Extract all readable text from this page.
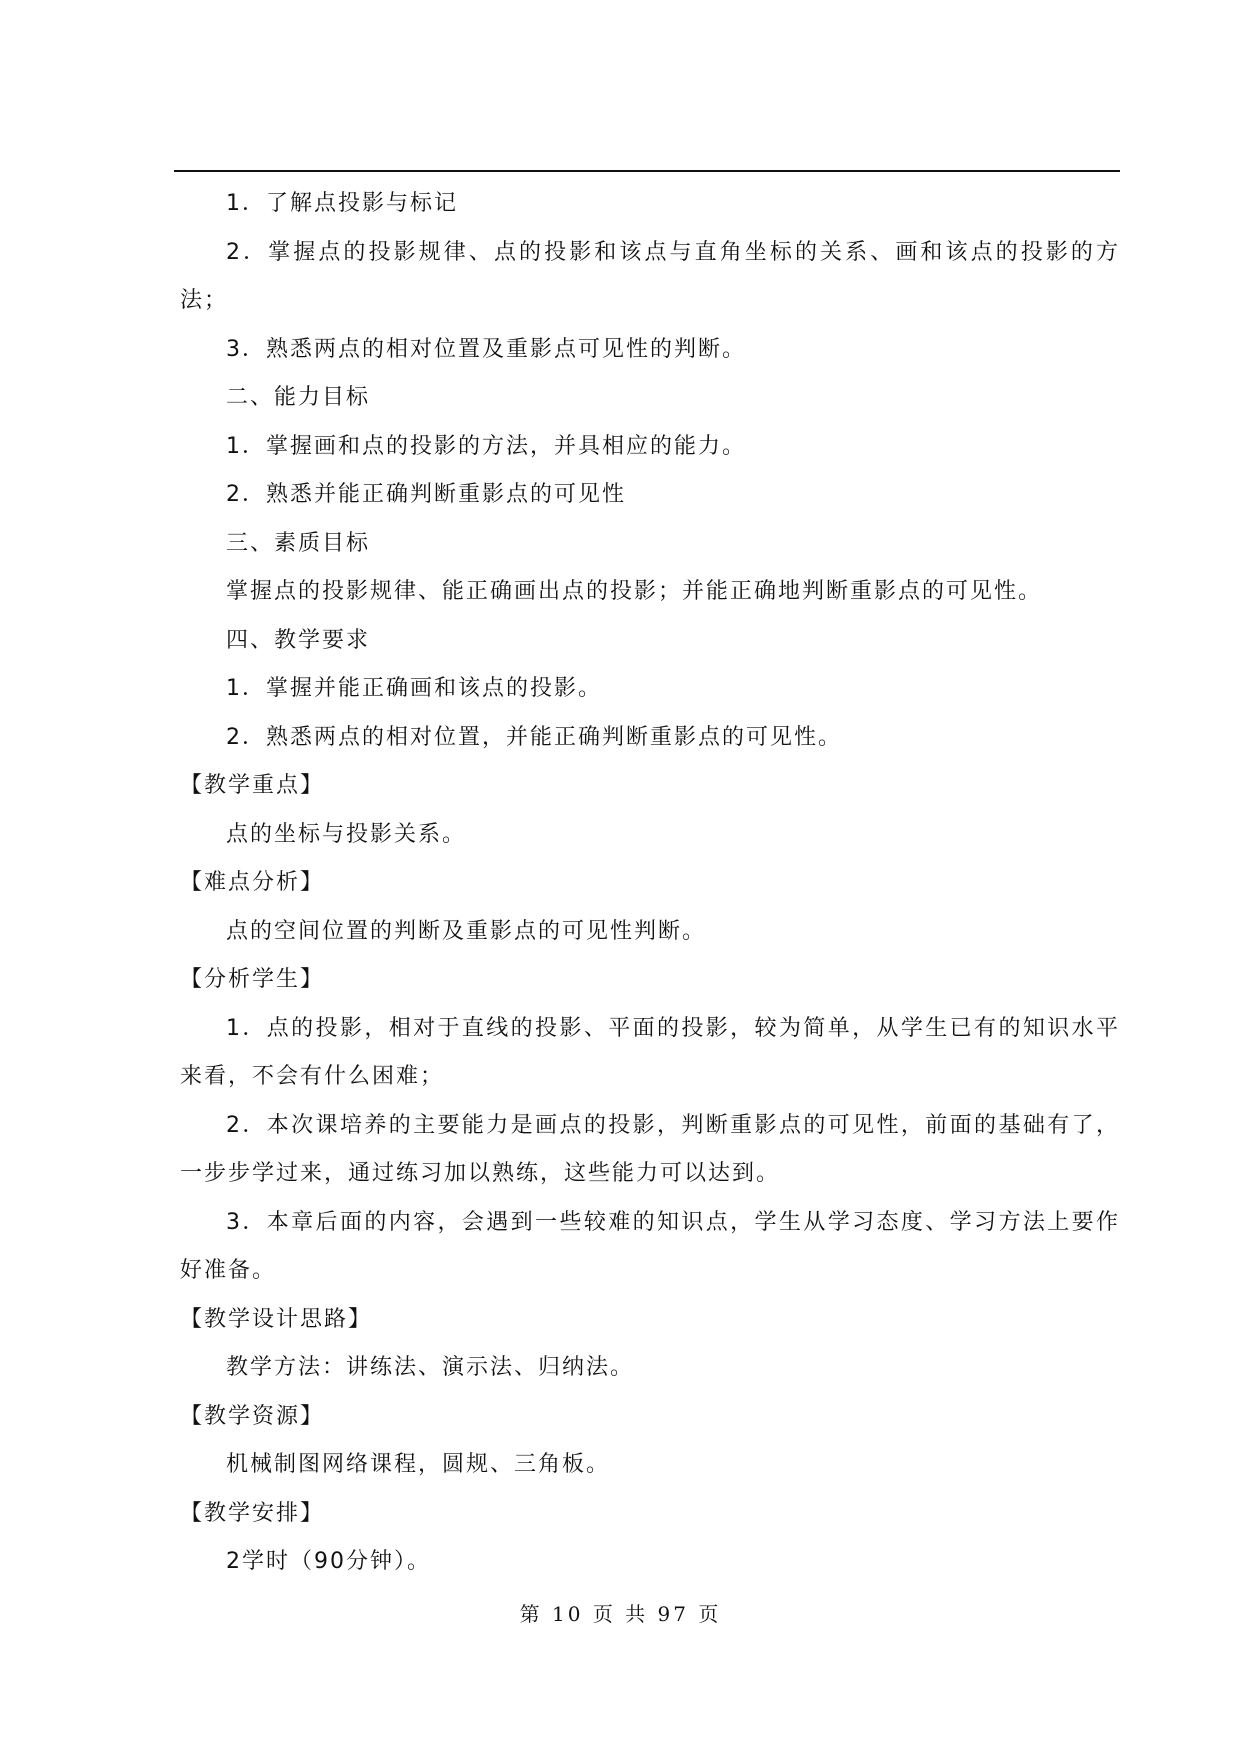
1．了解点投影与标记

2．掌握点的投影规律、点的投影和该点与直角坐标的关系、画和该点的投影的方法；

3．熟悉两点的相对位置及重影点可见性的判断。

二、能力目标

1．掌握画和点的投影的方法，并具相应的能力。

2．熟悉并能正确判断重影点的可见性

三、素质目标

掌握点的投影规律、能正确画出点的投影；并能正确地判断重影点的可见性。

四、教学要求

1．掌握并能正确画和该点的投影。

2．熟悉两点的相对位置，并能正确判断重影点的可见性。

【教学重点】

点的坐标与投影关系。

【难点分析】

点的空间位置的判断及重影点的可见性判断。

【分析学生】

1．点的投影，相对于直线的投影、平面的投影，较为简单，从学生已有的知识水平来看，不会有什么困难；

2．本次课培养的主要能力是画点的投影，判断重影点的可见性，前面的基础有了，一步步学过来，通过练习加以熟练，这些能力可以达到。

3．本章后面的内容，会遇到一些较难的知识点，学生从学习态度、学习方法上要作好准备。

【教学设计思路】

教学方法：讲练法、演示法、归纳法。

【教学资源】

机械制图网络课程，圆规、三角板。

【教学安排】

2学时（90分钟）。

第 10 页 共 97 页
